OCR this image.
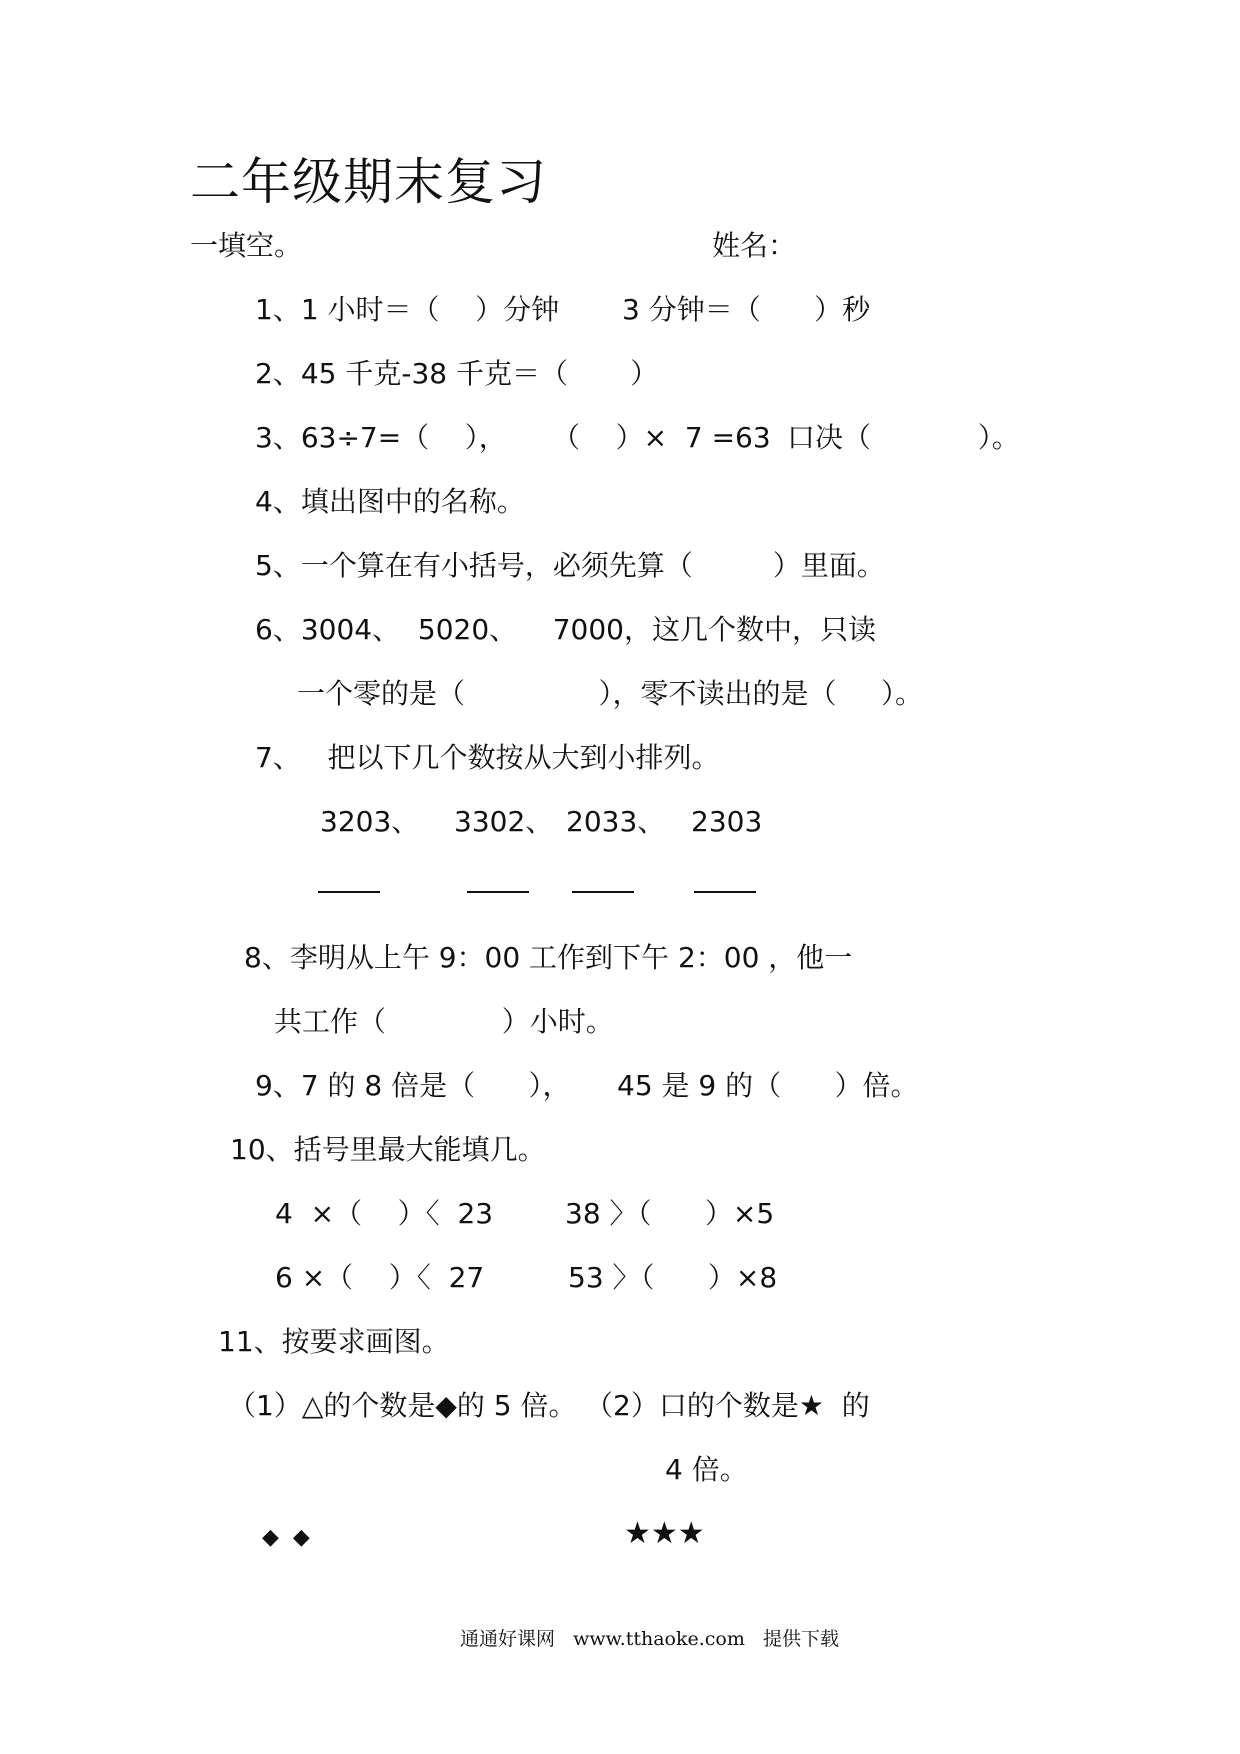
二年级期末复习
一填空。	姓名：
1、1 小时＝（    ）分钟 3 分钟＝（      ）秒
2、45 千克-38 千克＝（       ）
3、63÷7=（    ）， （    ）×  7 =63 口决（            ）。
4、填出图中的名称。
5、一个算在有小括号，必须先算（         ）里面。
6、3004、  5020、    7000，这几个数中，只读
一个零的是（               ），零不读出的是（     ）。
7、   把以下几个数按从大到小排列。
3203、 3302、 2033、 2303
8、李明从上午 9：00 工作到下午 2：00 ，他一
共工作（             ）小时。
9、7 的 8 倍是（      ）， 45 是 9 的（      ）倍。
10、括号里最大能填几。
4  ×（    ）〈  23	38 〉（      ）×5
6 ×（    ）〈  27	53 〉（      ）×8
11、按要求画图。
（1）△的个数是◆的 5 倍。 （2）口的个数是★  的
4 倍。
◆  ◆	★★★
通通好课网   www.tthaoke.com   提供下载
